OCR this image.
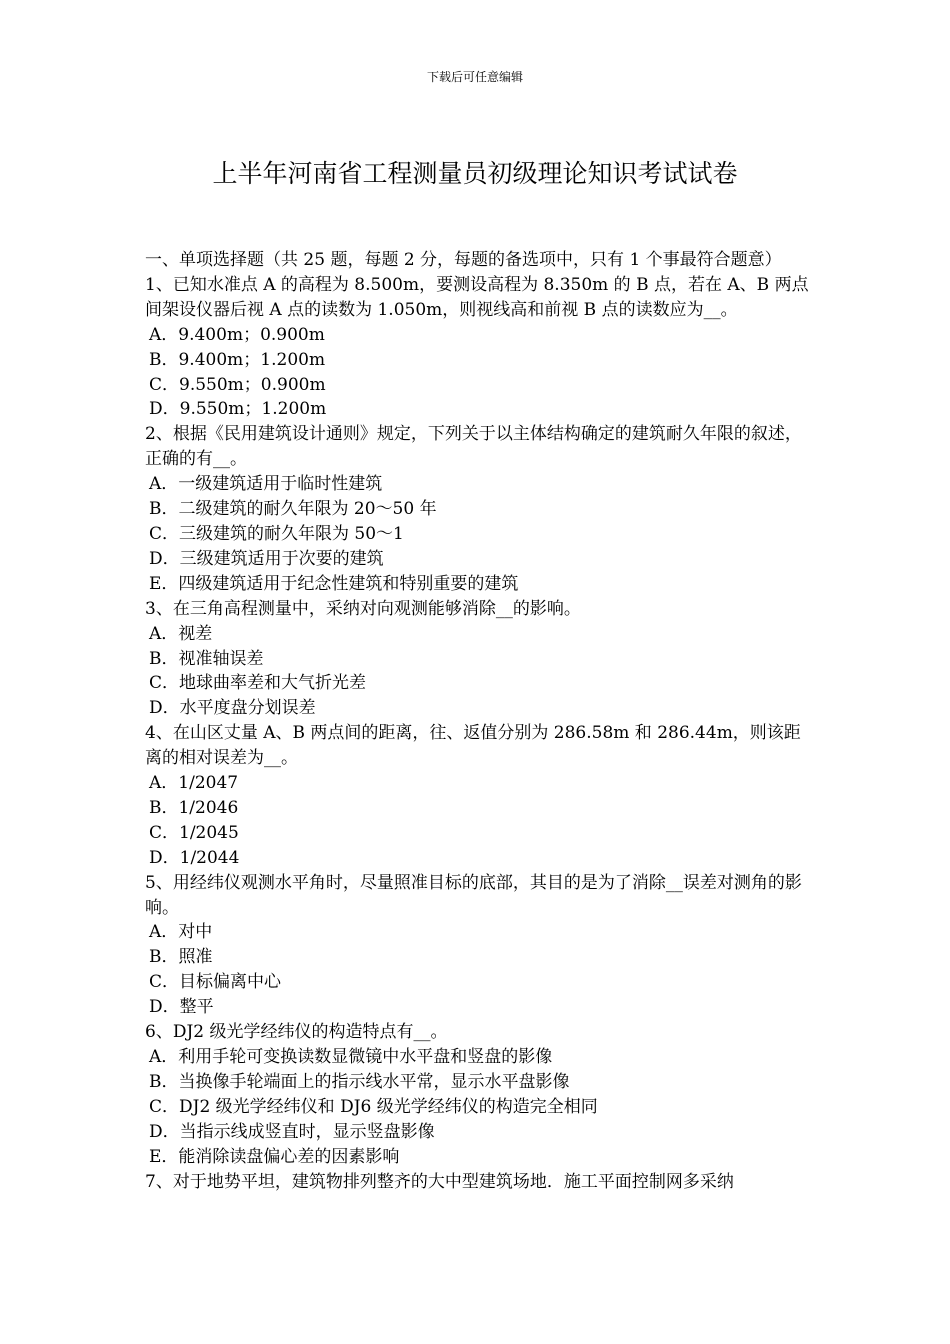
下载后可任意编辑
上半年河南省工程测量员初级理论知识考试试卷

一、单项选择题（共 25 题，每题 2 分，每题的备选项中，只有 1 个事最符合题意）

1、已知水准点 A 的高程为 8.500m，要测设高程为 8.350m 的 B 点，若在 A、B 两点间架设仪器后视 A 点的读数为 1.050m，则视线高和前视 B 点的读数应为__。

A．9.400m；0.900m

B．9.400m；1.200m

C．9.550m；0.900m

D．9.550m；1.200m

2、根据《民用建筑设计通则》规定，下列关于以主体结构确定的建筑耐久年限的叙述，正确的有__。

A．一级建筑适用于临时性建筑

B．二级建筑的耐久年限为 20～50 年

C．三级建筑的耐久年限为 50～1

D．三级建筑适用于次要的建筑

E．四级建筑适用于纪念性建筑和特别重要的建筑

3、在三角高程测量中，采纳对向观测能够消除__的影响。

A．视差

B．视准轴误差

C．地球曲率差和大气折光差

D．水平度盘分划误差

4、在山区丈量 A、B 两点间的距离，往、返值分别为 286.58m 和 286.44m，则该距离的相对误差为__。

A．1/2047

B．1/2046

C．1/2045

D．1/2044

5、用经纬仪观测水平角时，尽量照准目标的底部，其目的是为了消除__误差对测角的影响。

A．对中

B．照准

C．目标偏离中心

D．整平

6、DJ2 级光学经纬仪的构造特点有__。

A．利用手轮可变换读数显微镜中水平盘和竖盘的影像

B．当换像手轮端面上的指示线水平常，显示水平盘影像

C．DJ2 级光学经纬仪和 DJ6 级光学经纬仪的构造完全相同

D．当指示线成竖直时，显示竖盘影像

E．能消除读盘偏心差的因素影响

7、对于地势平坦，建筑物排列整齐的大中型建筑场地．施工平面控制网多采纳
